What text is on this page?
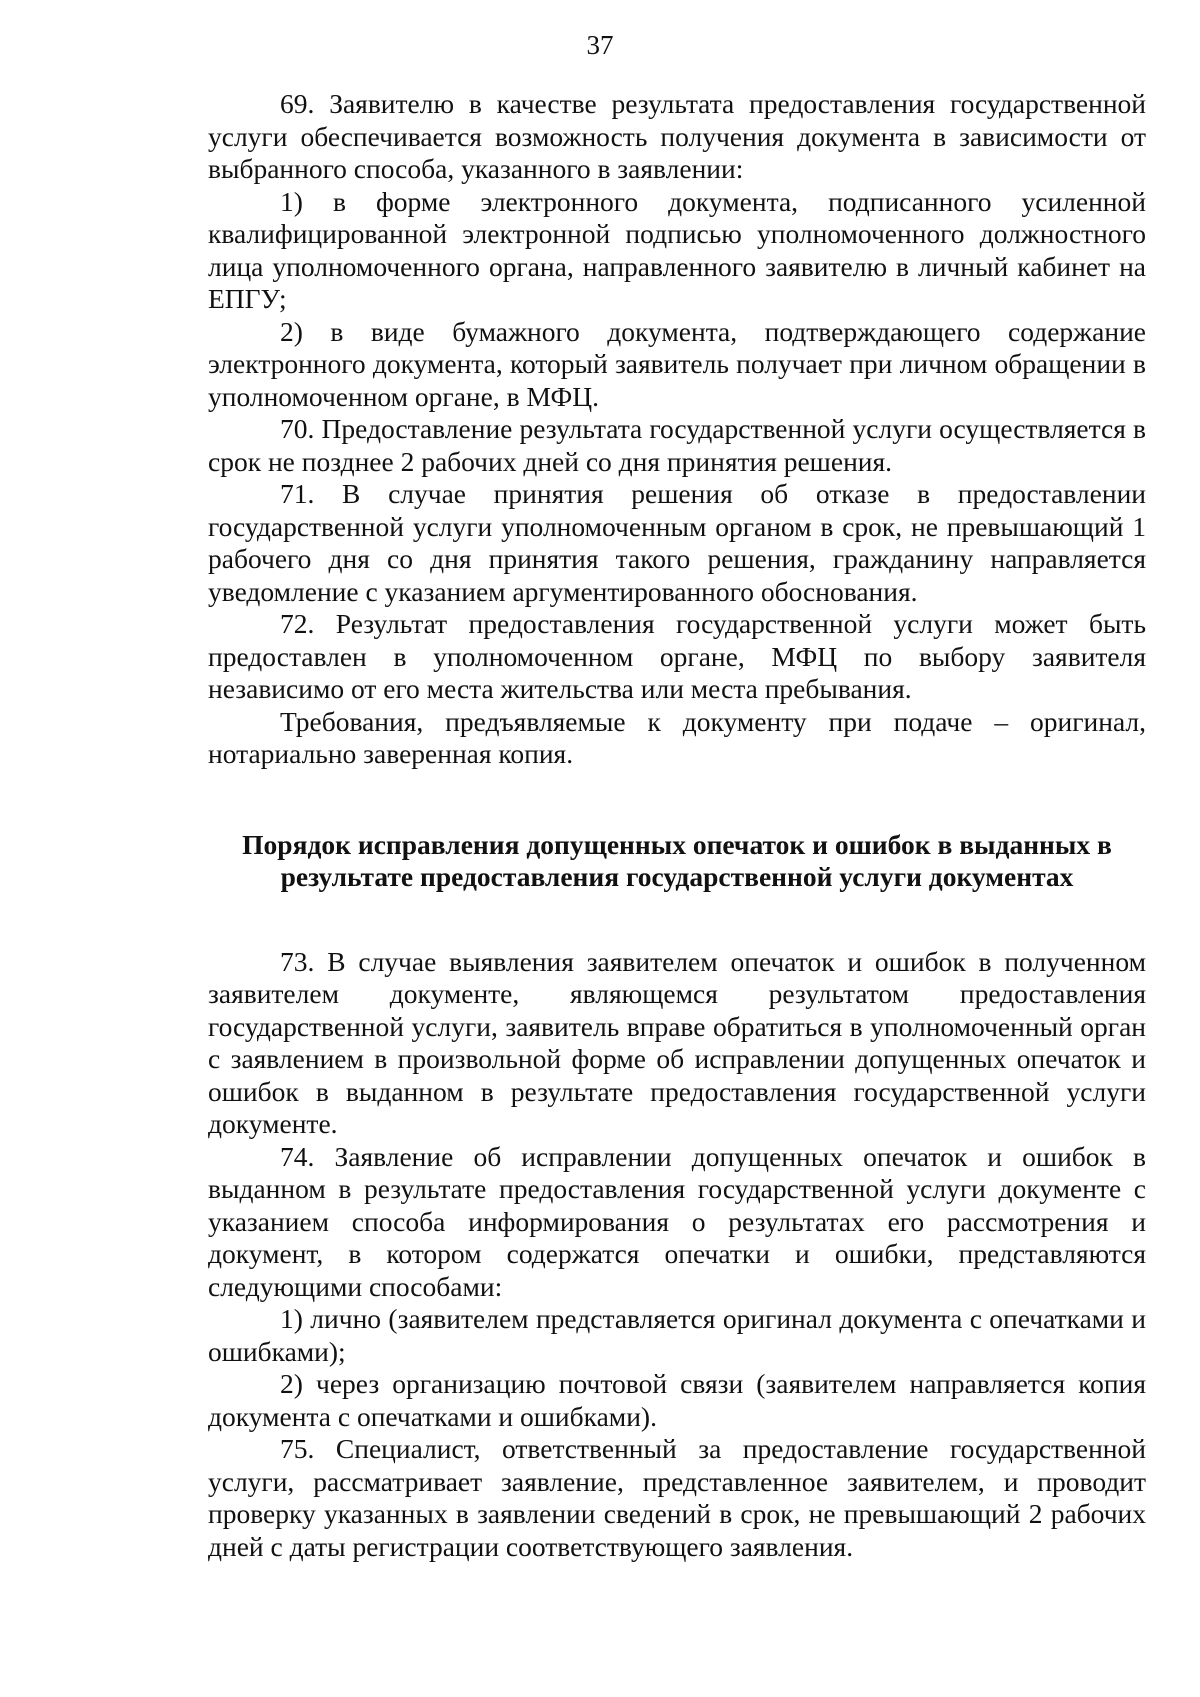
37

69. Заявителю в качестве результата предоставления государственной услуги обеспечивается возможность получения документа в зависимости от выбранного способа, указанного в заявлении:

1) в форме электронного документа, подписанного усиленной квалифицированной электронной подписью уполномоченного должностного лица уполномоченного органа, направленного заявителю в личный кабинет на ЕПГУ;

2) в виде бумажного документа, подтверждающего содержание электронного документа, который заявитель получает при личном обращении в уполномоченном органе, в МФЦ.

70. Предоставление результата государственной услуги осуществляется в срок не позднее 2 рабочих дней со дня принятия решения.

71. В случае принятия решения об отказе в предоставлении государственной услуги уполномоченным органом в срок, не превышающий 1 рабочего дня со дня принятия такого решения, гражданину направляется уведомление с указанием аргументированного обоснования.

72. Результат предоставления государственной услуги может быть предоставлен в уполномоченном органе, МФЦ по выбору заявителя независимо от его места жительства или места пребывания.

Требования, предъявляемые к документу при подаче – оригинал, нотариально заверенная копия.

Порядок исправления допущенных опечаток и ошибок в выданных в результате предоставления государственной услуги документах

73. В случае выявления заявителем опечаток и ошибок в полученном заявителем документе, являющемся результатом предоставления государственной услуги, заявитель вправе обратиться в уполномоченный орган с заявлением в произвольной форме об исправлении допущенных опечаток и ошибок в выданном в результате предоставления государственной услуги документе.

74. Заявление об исправлении допущенных опечаток и ошибок в выданном в результате предоставления государственной услуги документе с указанием способа информирования о результатах его рассмотрения и документ, в котором содержатся опечатки и ошибки, представляются следующими способами:

1) лично (заявителем представляется оригинал документа с опечатками и ошибками);

2) через организацию почтовой связи (заявителем направляется копия документа с опечатками и ошибками).

75. Специалист, ответственный за предоставление государственной услуги, рассматривает заявление, представленное заявителем, и проводит проверку указанных в заявлении сведений в срок, не превышающий 2 рабочих дней с даты регистрации соответствующего заявления.
